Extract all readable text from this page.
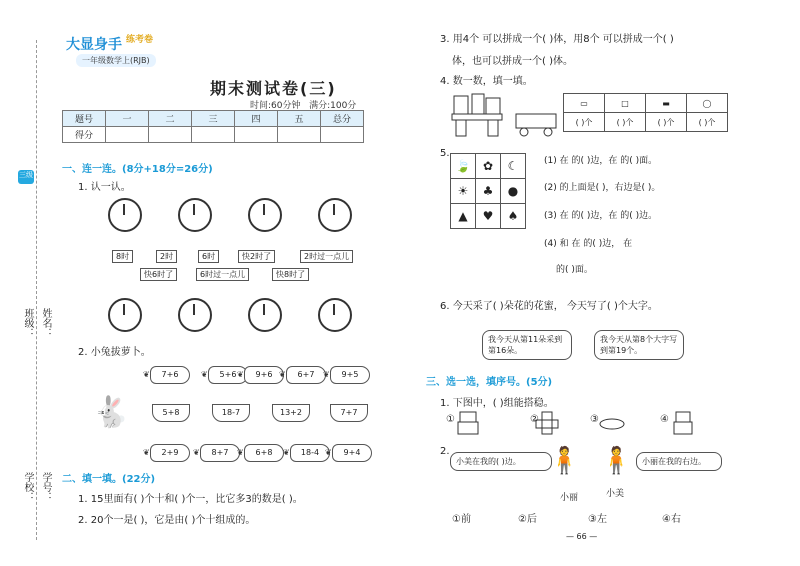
三级
班级： 姓名：
学校： 学号：
大显身手 练考卷
一年级数学上(RJB)
期末测试卷(三)
时间:60分钟 满分:100分
题号	一	二	三	四	五	总分
得分						
一、连一连。(8分+18分=26分)
1. 认一认。
8时	2时	6时	快2时了	2时过一点儿
快6时了	6时过一点儿	快8时了
2. 小兔拔萝卜。
❦ 7+6	❦ 5+6	❦ 9+6	❦ 6+7	❦ 9+5
🐇	5+8	18-7	13+2	7+7
❦ 2+9	❦ 8+7	❦ 6+8	❦ 18-4	❦ 9+4
二、填一填。(22分)
1. 15里面有( )个十和( )个一，比它多3的数是( )。
2. 20个一是( )，它是由( )个十组成的。
3. 用4个 可以拼成一个( )体，用8个 可以拼成一个( )
体，也可以拼成一个( )体。
4. 数一数，填一填。
▭	□	▬	◯
( )个	( )个	( )个	( )个
5.
🍃	✿	☾
☀	♣	●
▲	♥	♠
(1) 在 的( )边，在 的( )面。
(2) 的上面是( )，右边是( )。
(3) 在 的( )边，在 的( )边。
(4) 和 在 的( )边， 在
的( )面。
6. 今天采了( )朵花的花蜜， 今天写了( )个大字。
我今天从第11朵采到第16朵。
我今天从第8个大字写到第19个。
三、选一选，填序号。(5分)
1. 下图中，( )组能搭稳。
①	②	③	④
2.
小美在我的( )边。	🧍 🧍	小丽在我的右边。
小丽	小美
①前	②后	③左	④右
— 66 —
